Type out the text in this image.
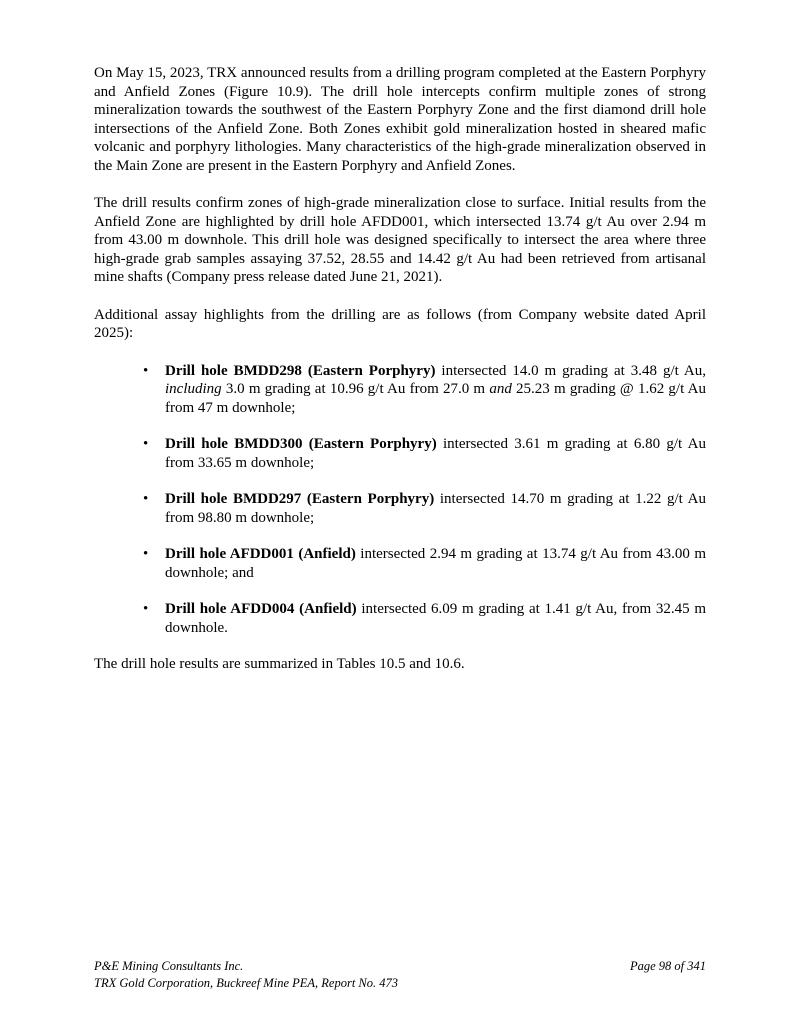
On May 15, 2023, TRX announced results from a drilling program completed at the Eastern Porphyry and Anfield Zones (Figure 10.9). The drill hole intercepts confirm multiple zones of strong mineralization towards the southwest of the Eastern Porphyry Zone and the first diamond drill hole intersections of the Anfield Zone. Both Zones exhibit gold mineralization hosted in sheared mafic volcanic and porphyry lithologies. Many characteristics of the high-grade mineralization observed in the Main Zone are present in the Eastern Porphyry and Anfield Zones.

The drill results confirm zones of high-grade mineralization close to surface. Initial results from the Anfield Zone are highlighted by drill hole AFDD001, which intersected 13.74 g/t Au over 2.94 m from 43.00 m downhole. This drill hole was designed specifically to intersect the area where three high-grade grab samples assaying 37.52, 28.55 and 14.42 g/t Au had been retrieved from artisanal mine shafts (Company press release dated June 21, 2021).

Additional assay highlights from the drilling are as follows (from Company website dated April 2025):

• Drill hole BMDD298 (Eastern Porphyry) intersected 14.0 m grading at 3.48 g/t Au, including 3.0 m grading at 10.96 g/t Au from 27.0 m and 25.23 m grading @ 1.62 g/t Au from 47 m downhole;
• Drill hole BMDD300 (Eastern Porphyry) intersected 3.61 m grading at 6.80 g/t Au from 33.65 m downhole;
• Drill hole BMDD297 (Eastern Porphyry) intersected 14.70 m grading at 1.22 g/t Au from 98.80 m downhole;
• Drill hole AFDD001 (Anfield) intersected 2.94 m grading at 13.74 g/t Au from 43.00 m downhole; and
• Drill hole AFDD004 (Anfield) intersected 6.09 m grading at 1.41 g/t Au, from 32.45 m downhole.

The drill hole results are summarized in Tables 10.5 and 10.6.

P&E Mining Consultants Inc.	Page 98 of 341
TRX Gold Corporation, Buckreef Mine PEA, Report No. 473
